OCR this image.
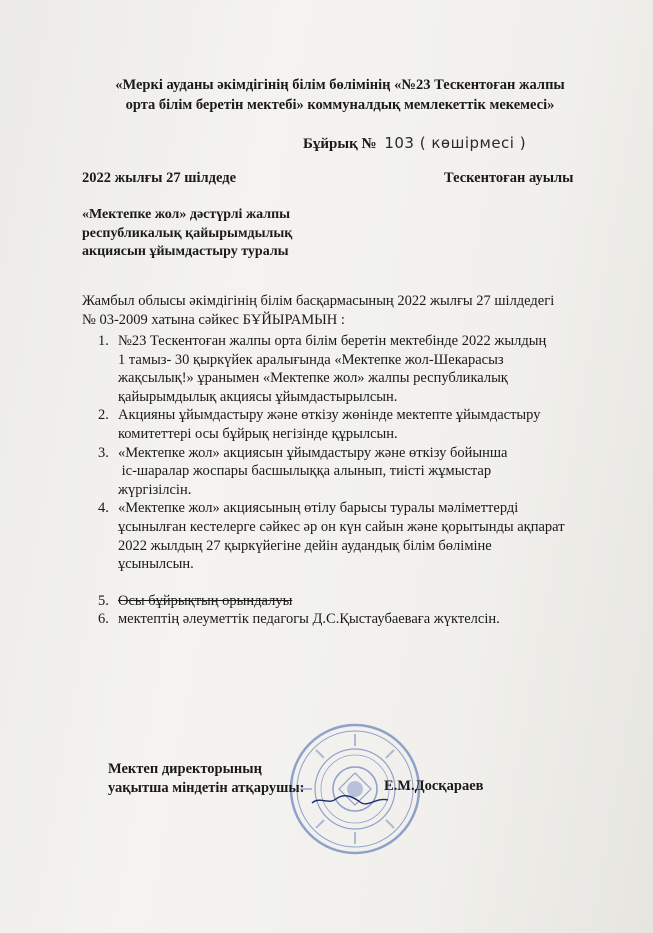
«Меркі ауданы әкімдігінің білім бөлімінің «№23 Тескентоған жалпы
орта білім беретін мектебі» коммуналдық мемлекеттік мекемесі»
Бұйрық № 103 ( көшірмесі )
2022 жылғы 27 шілдеде	Тескентоған ауылы
«Мектепке жол» дәстүрлі жалпы
республикалық қайырымдылық
акциясын ұйымдастыру туралы
Жамбыл облысы әкімдігінің білім басқармасының 2022 жылғы 27 шілдедегі
№ 03-2009 хатына сәйкес БҰЙЫРАМЫН :
1. №23 Тескентоған жалпы орта білім беретін мектебінде 2022 жылдың
1 тамыз- 30 қыркүйек аралығында «Мектепке жол-Шекарасыз
жақсылық!» ұранымен «Мектепке жол» жалпы республикалық
қайырымдылық акциясы ұйымдастырылсын.
2. Акцияны ұйымдастыру және өткізу жөнінде мектепте ұйымдастыру
комитеттері осы бұйрық негізінде құрылсын.
3. «Мектепке жол» акциясын ұйымдастыру және өткізу бойынша
іс-шаралар жоспары басшылыққа алынып, тиісті жұмыстар
жүргізілсін.
4. «Мектепке жол» акциясының өтілу барысы туралы мәліметтерді
ұсынылған кестелерге сәйкес әр он күн сайын және қорытынды ақпарат
2022 жылдың 27 қыркүйегіне дейін аудандық білім бөліміне
ұсынылсын.
5. Осы бұйрықтың орындалуы
6. мектептің әлеуметтік педагогы Д.С.Қыстаубаеваға жүктелсін.
Мектеп директорының
уақытша міндетін атқарушы:	Е.М.Досқараев
